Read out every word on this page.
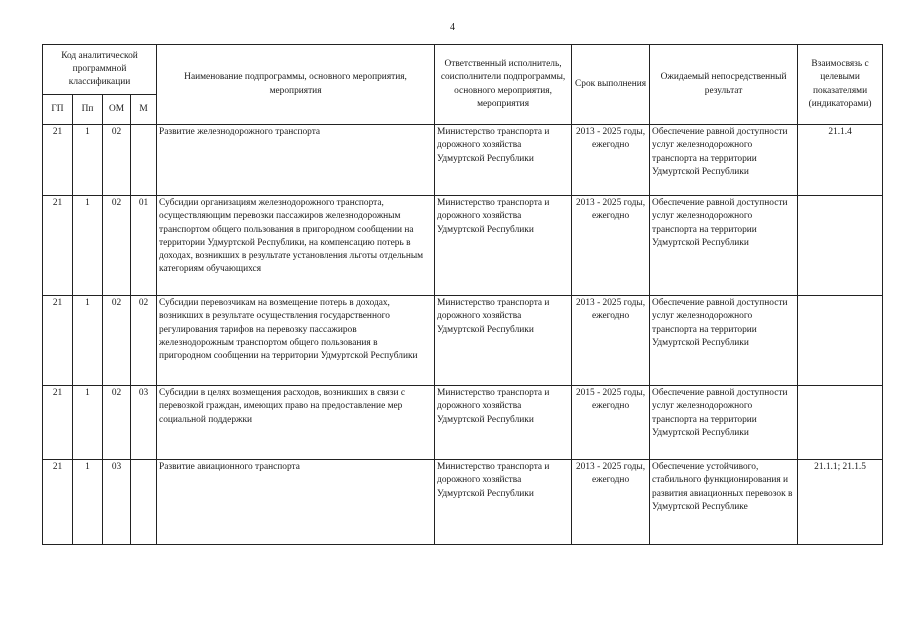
4
Код аналитической программной классификации				Наименование подпрограммы, основного мероприятия, мероприятия	Ответственный исполнитель, соисполнители подпрограммы, основного мероприятия, мероприятия	Срок выполнения	Ожидаемый непосредственный результат	Взаимосвязь с целевыми показателями (индикаторами)
ГП	Пп	ОМ	М					
21	1	02		Развитие железнодорожного транспорта	Министерство транспорта и дорожного хозяйства Удмуртской Республики	2013 - 2025 годы, ежегодно	Обеспечение равной доступности услуг железнодорожного транспорта на территории Удмуртской Республики	21.1.4
21	1	02	01	Субсидии организациям железнодорожного транспорта, осуществляющим перевозки пассажиров железнодорожным транспортом общего пользования в пригородном сообщении на территории Удмуртской Республики, на компенсацию потерь в доходах, возникших в результате установления льготы отдельным категориям обучающихся	Министерство транспорта и дорожного хозяйства Удмуртской Республики	2013 - 2025 годы, ежегодно	Обеспечение равной доступности услуг железнодорожного транспорта на территории Удмуртской Республики	
21	1	02	02	Субсидии перевозчикам на возмещение потерь в доходах, возникших в результате осуществления государственного регулирования тарифов на перевозку пассажиров железнодорожным транспортом общего пользования в пригородном сообщении на территории Удмуртской Республики	Министерство транспорта и дорожного хозяйства Удмуртской Республики	2013 - 2025 годы, ежегодно	Обеспечение равной доступности услуг железнодорожного транспорта на территории Удмуртской Республики	
21	1	02	03	Субсидии в целях возмещения расходов, возникших в связи с перевозкой граждан, имеющих право на предоставление мер социальной поддержки	Министерство транспорта и дорожного хозяйства Удмуртской Республики	2015 - 2025 годы, ежегодно	Обеспечение равной доступности услуг железнодорожного транспорта на территории Удмуртской Республики	
21	1	03		Развитие авиационного транспорта	Министерство транспорта и дорожного хозяйства Удмуртской Республики	2013 - 2025 годы, ежегодно	Обеспечение устойчивого, стабильного функционирования и развития авиационных перевозок в Удмуртской Республике	21.1.1; 21.1.5
